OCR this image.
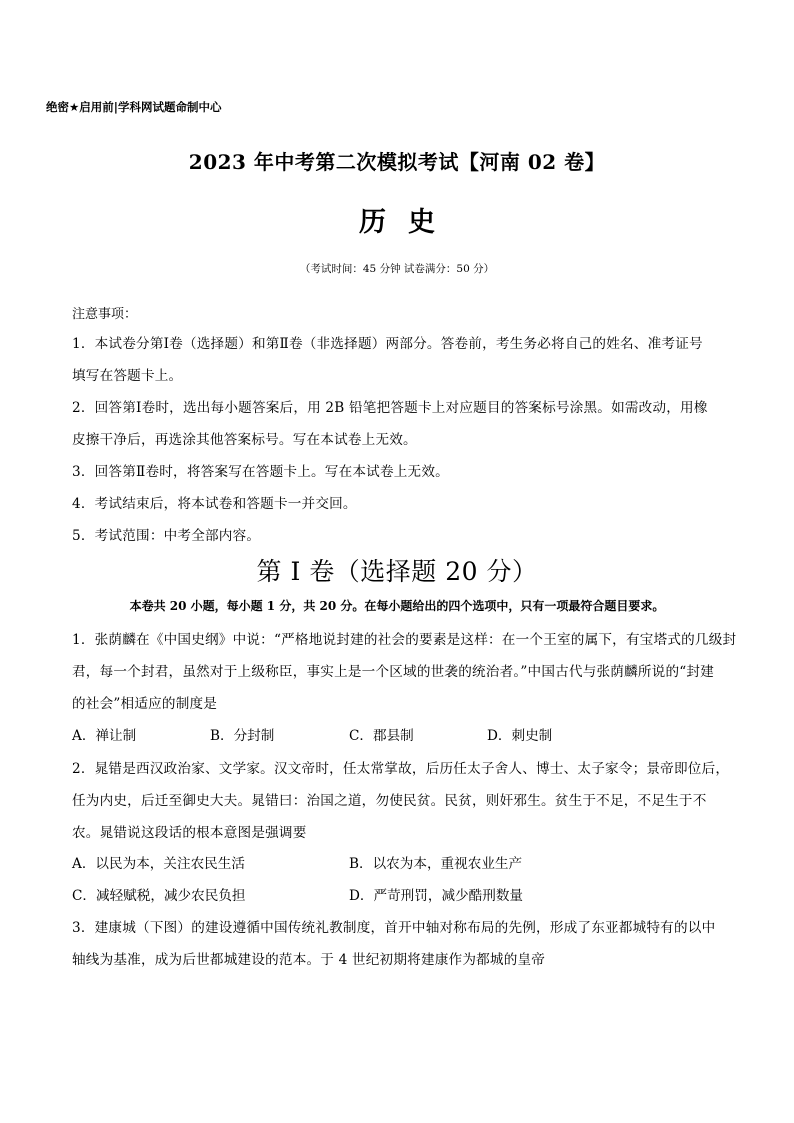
绝密★启用前|学科网试题命制中心
2023 年中考第二次模拟考试【河南 02 卷】
历史
（考试时间：45 分钟 试卷满分：50 分）
注意事项：
1．本试卷分第Ⅰ卷（选择题）和第Ⅱ卷（非选择题）两部分。答卷前，考生务必将自己的姓名、准考证号
填写在答题卡上。
2．回答第Ⅰ卷时，选出每小题答案后，用 2B 铅笔把答题卡上对应题目的答案标号涂黑。如需改动，用橡
皮擦干净后，再选涂其他答案标号。写在本试卷上无效。
3．回答第Ⅱ卷时，将答案写在答题卡上。写在本试卷上无效。
4．考试结束后，将本试卷和答题卡一并交回。
5．考试范围：中考全部内容。
第 I 卷（选择题 20 分）
本卷共 20 小题，每小题 1 分，共 20 分。在每小题给出的四个选项中，只有一项最符合题目要求。
1．张荫麟在《中国史纲》中说：“严格地说封建的社会的要素是这样：在一个王室的属下，有宝塔式的几级封
君，每一个封君，虽然对于上级称臣，事实上是一个区域的世袭的统治者。”中国古代与张荫麟所说的“封建
的社会”相适应的制度是
A．禅让制	B．分封制	C．郡县制	D．刺史制
2．晁错是西汉政治家、文学家。汉文帝时，任太常掌故，后历任太子舍人、博士、太子家令；景帝即位后，
任为内史，后迁至御史大夫。晁错曰：治国之道，勿使民贫。民贫，则奸邪生。贫生于不足，不足生于不
农。晁错说这段话的根本意图是强调要
A．以民为本，关注农民生活	B．以农为本，重视农业生产
C．减轻赋税，减少农民负担	D．严苛刑罚，减少酷刑数量
3．建康城（下图）的建设遵循中国传统礼教制度，首开中轴对称布局的先例，形成了东亚都城特有的以中
轴线为基准，成为后世都城建设的范本。于 4 世纪初期将建康作为都城的皇帝
